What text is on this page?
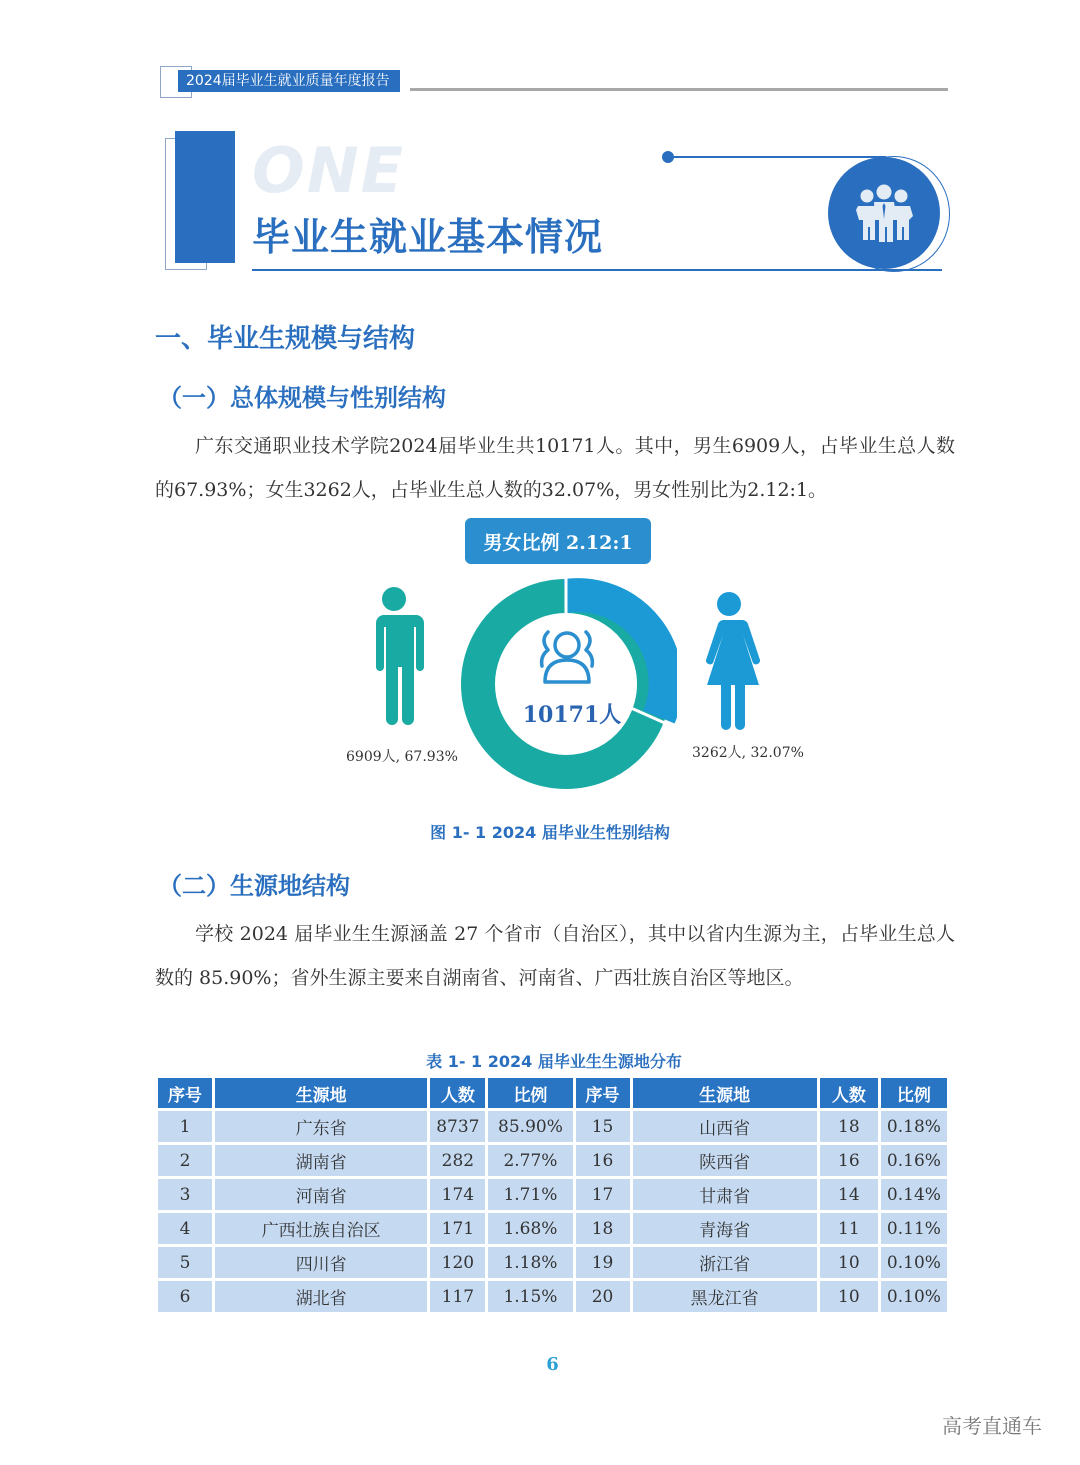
2024届毕业生就业质量年度报告
ONE
毕业生就业基本情况
一、毕业生规模与结构
（一）总体规模与性别结构

广东交通职业技术学院2024届毕业生共10171人。其中，男生6909人，占毕业生总人数的67.93%；女生3262人，占毕业生总人数的32.07%，男女性别比为2.12:1。

男女比例 2.12:1
6909人, 67.93%
10171人
3262人, 32.07%
图 1- 1 2024 届毕业生性别结构
（二）生源地结构

学校 2024 届毕业生生源涵盖 27 个省市（自治区），其中以省内生源为主，占毕业生总人数的 85.90%；省外生源主要来自湖南省、河南省、广西壮族自治区等地区。

表 1- 1 2024 届毕业生生源地分布
序号	生源地	人数	比例	序号	生源地	人数	比例
1	广东省	8737	85.90%	15	山西省	18	0.18%
2	湖南省	282	2.77%	16	陕西省	16	0.16%
3	河南省	174	1.71%	17	甘肃省	14	0.14%
4	广西壮族自治区	171	1.68%	18	青海省	11	0.11%
5	四川省	120	1.18%	19	浙江省	10	0.10%
6	湖北省	117	1.15%	20	黑龙江省	10	0.10%
6
高考直通车
